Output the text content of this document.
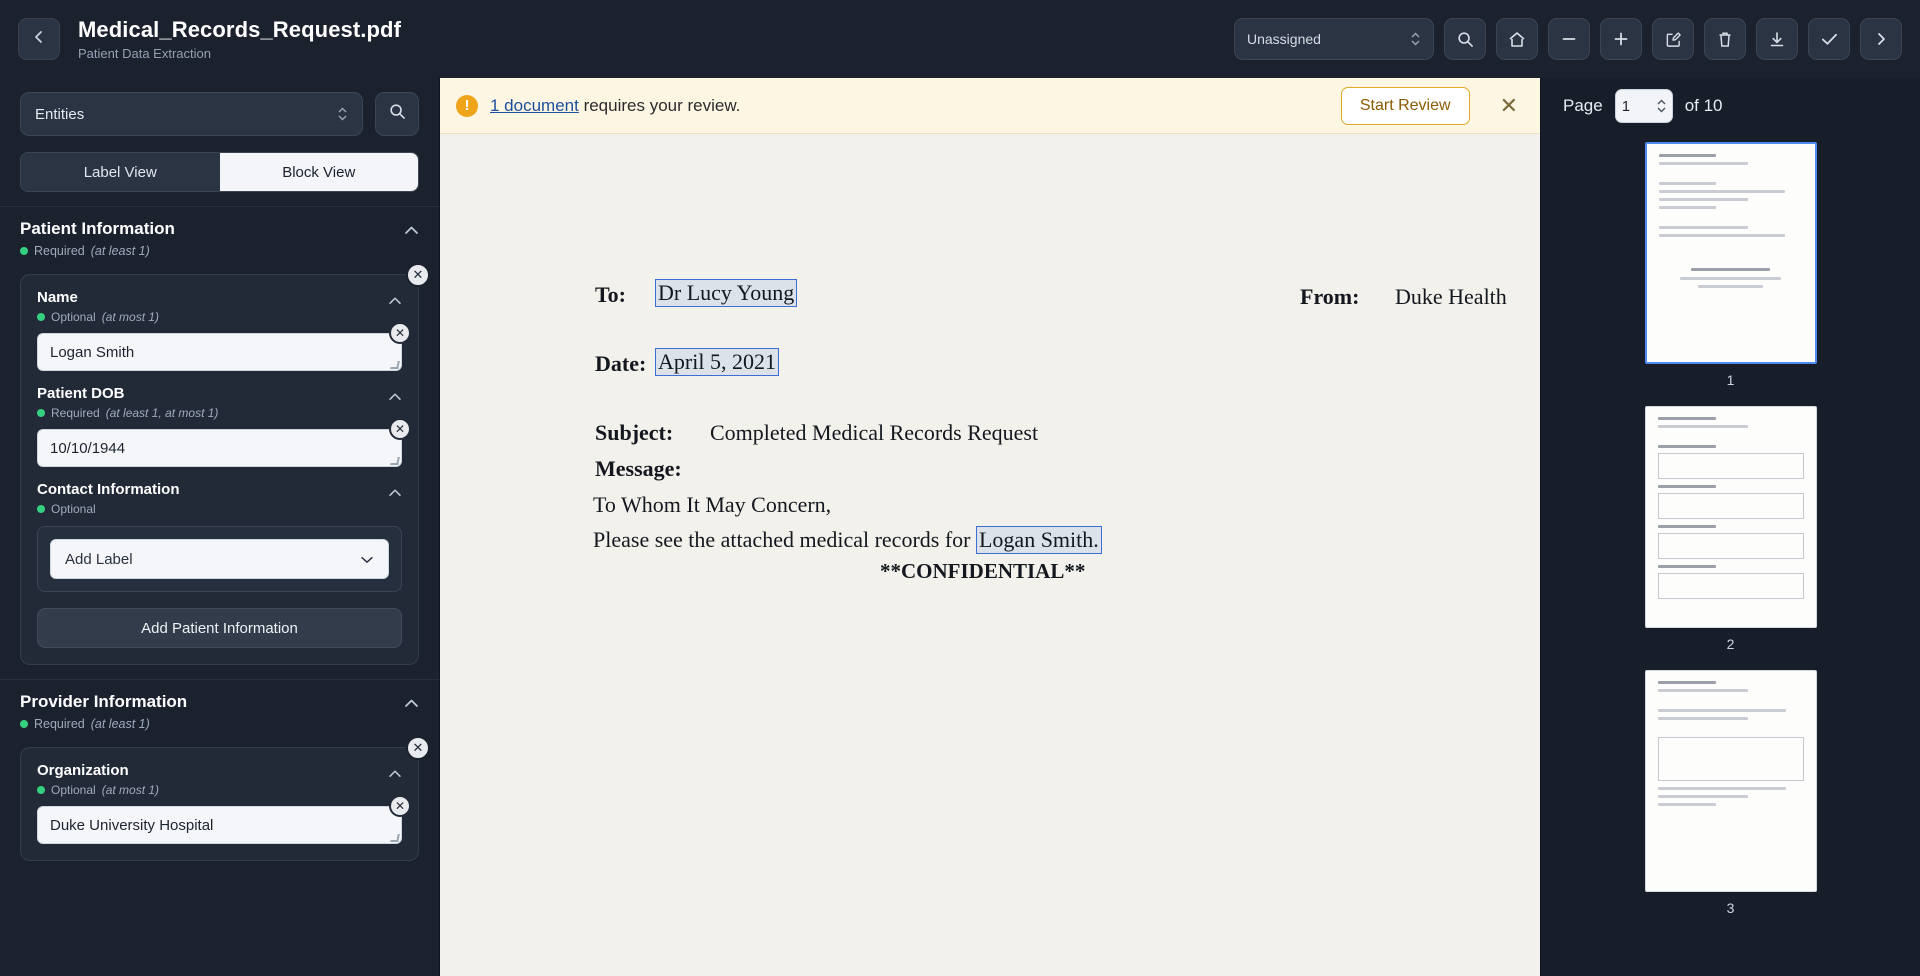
Medical_Records_Request.pdf
Patient Data Extraction
Unassigned
Entities
Label View	Block View
Patient Information
Required (at least 1)
✕
Name
Optional (at most 1)
Logan Smith
✕
Patient DOB
Required (at least 1, at most 1)
10/10/1944
✕
Contact Information
Optional
Add Label
Add Patient Information
Provider Information
Required (at least 1)
✕
Organization
Optional (at most 1)
Duke University Hospital
✕
!	1 document requires your review.	Start Review	✕
To: Dr Lucy Young	From: Duke Health
Date: April 5, 2021
Subject: Completed Medical Records Request
Message:
To Whom It May Concern,
Please see the attached medical records for Logan Smith.
**CONFIDENTIAL**
Page
1	of 10
1
2
3
